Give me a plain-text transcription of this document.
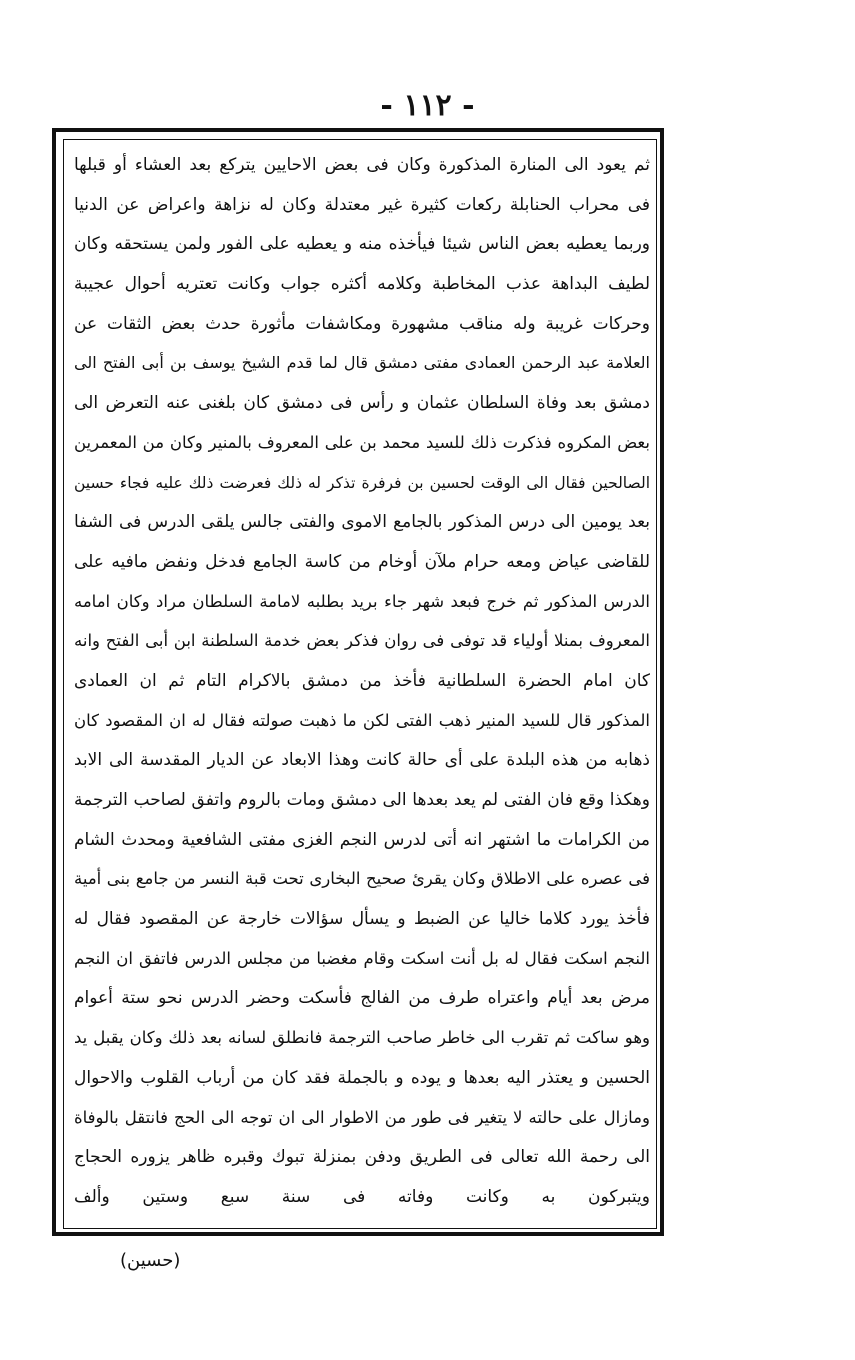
- ١١٢ -
ثم يعود الى المنارة المذكورة وكان فى بعض الاحايين يتركع بعد العشاء أو قبلها
فى محراب الحنابلة ركعات كثيرة غير معتدلة وكان له نزاهة واعراض عن الدنيا
وربما يعطيه بعض الناس شيئا فيأخذه منه و يعطيه على الفور ولمن يستحقه وكان
لطيف البداهة عذب المخاطبة وكلامه أكثره جواب وكانت تعتريه أحوال عجيبة
وحركات غريبة وله مناقب مشهورة ومكاشفات مأثورة حدث بعض الثقات عن
العلامة عبد الرحمن العمادى مفتى دمشق قال لما قدم الشيخ يوسف بن أبى الفتح الى
دمشق بعد وفاة السلطان عثمان و رأس فى دمشق كان بلغنى عنه التعرض الى
بعض المكروه فذكرت ذلك للسيد محمد بن على المعروف بالمنير وكان من المعمرين
الصالحين فقال الى الوقت لحسين بن فرفرة تذكر له ذلك فعرضت ذلك عليه فجاء حسين
بعد يومين الى درس المذكور بالجامع الاموى والفتى جالس يلقى الدرس فى الشفا
للقاضى عياض ومعه حرام ملآن أوخام من كاسة الجامع فدخل ونفض مافيه على
الدرس المذكور ثم خرج فبعد شهر جاء بريد بطلبه لامامة السلطان مراد وكان امامه
المعروف بمنلا أولياء قد توفى فى روان فذكر بعض خدمة السلطنة ابن أبى الفتح وانه
كان امام الحضرة السلطانية فأخذ من دمشق بالاكرام التام ثم ان العمادى
المذكور قال للسيد المنير ذهب الفتى لكن ما ذهبت صولته فقال له ان المقصود كان
ذهابه من هذه البلدة على أى حالة كانت وهذا الابعاد عن الديار المقدسة الى الابد
وهكذا وقع فان الفتى لم يعد بعدها الى دمشق ومات بالروم واتفق لصاحب الترجمة
من الكرامات ما اشتهر انه أتى لدرس النجم الغزى مفتى الشافعية ومحدث الشام
فى عصره على الاطلاق وكان يقرئ صحيح البخارى تحت قبة النسر من جامع بنى أمية
فأخذ يورد كلاما خاليا عن الضبط و يسأل سؤالات خارجة عن المقصود فقال له
النجم اسكت فقال له بل أنت اسكت وقام مغضبا من مجلس الدرس فاتفق ان النجم
مرض بعد أيام واعتراه طرف من الفالج فأسكت وحضر الدرس نحو ستة أعوام
وهو ساكت ثم تقرب الى خاطر صاحب الترجمة فانطلق لسانه بعد ذلك وكان يقبل يد
الحسين و يعتذر اليه بعدها و يوده و بالجملة فقد كان من أرباب القلوب والاحوال
ومازال على حالته لا يتغير فى طور من الاطوار الى ان توجه الى الحج فانتقل بالوفاة
الى رحمة الله تعالى فى الطريق ودفن بمنزلة تبوك وقبره ظاهر يزوره الحجاج
ويتبركون به وكانت وفاته فى سنة سبع وستين وألف
(حسين)
